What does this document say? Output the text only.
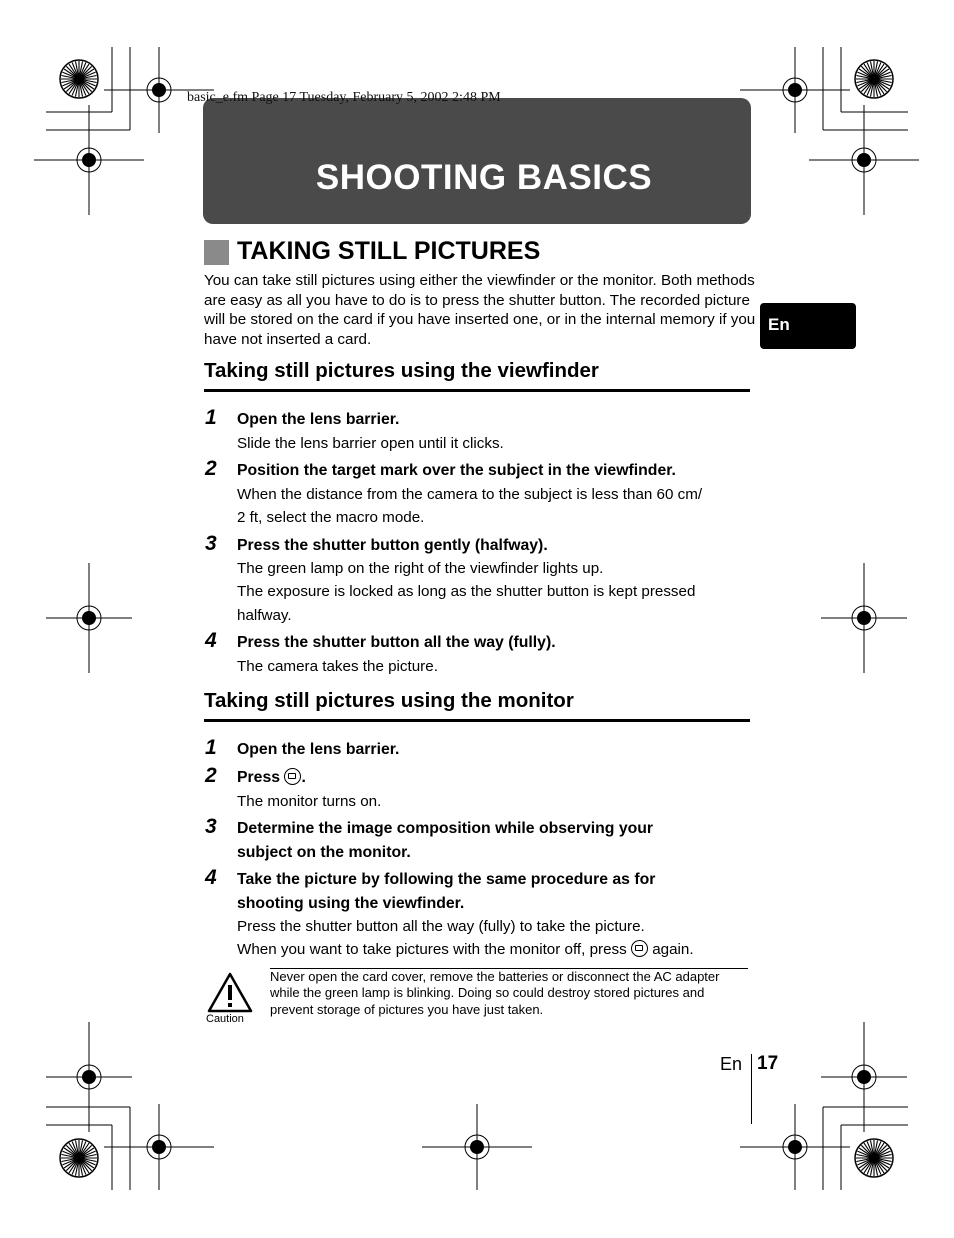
basic_e.fm Page 17 Tuesday, February 5, 2002 2:48 PM
SHOOTING BASICS
TAKING STILL PICTURES
You can take still pictures using either the viewfinder or the monitor. Both methods are easy as all you have to do is to press the shutter button. The recorded picture will be stored on the card if you have inserted one, or in the internal memory if you have not inserted a card.
En
Taking still pictures using the viewfinder
1 Open the lens barrier.
Slide the lens barrier open until it clicks.
2 Position the target mark over the subject in the viewfinder.
When the distance from the camera to the subject is less than 60 cm/
2 ft, select the macro mode.
3 Press the shutter button gently (halfway).
The green lamp on the right of the viewfinder lights up.
The exposure is locked as long as the shutter button is kept pressed
halfway.
4 Press the shutter button all the way (fully).
The camera takes the picture.
Taking still pictures using the monitor
1 Open the lens barrier.
2 Press .
The monitor turns on.
3 Determine the image composition while observing your
subject on the monitor.
4 Take the picture by following the same procedure as for
shooting using the viewfinder.
Press the shutter button all the way (fully) to take the picture.
When you want to take pictures with the monitor off, press again.
Caution
Never open the card cover, remove the batteries or disconnect the AC adapter while the green lamp is blinking. Doing so could destroy stored pictures and prevent storage of pictures you have just taken.
En 17
